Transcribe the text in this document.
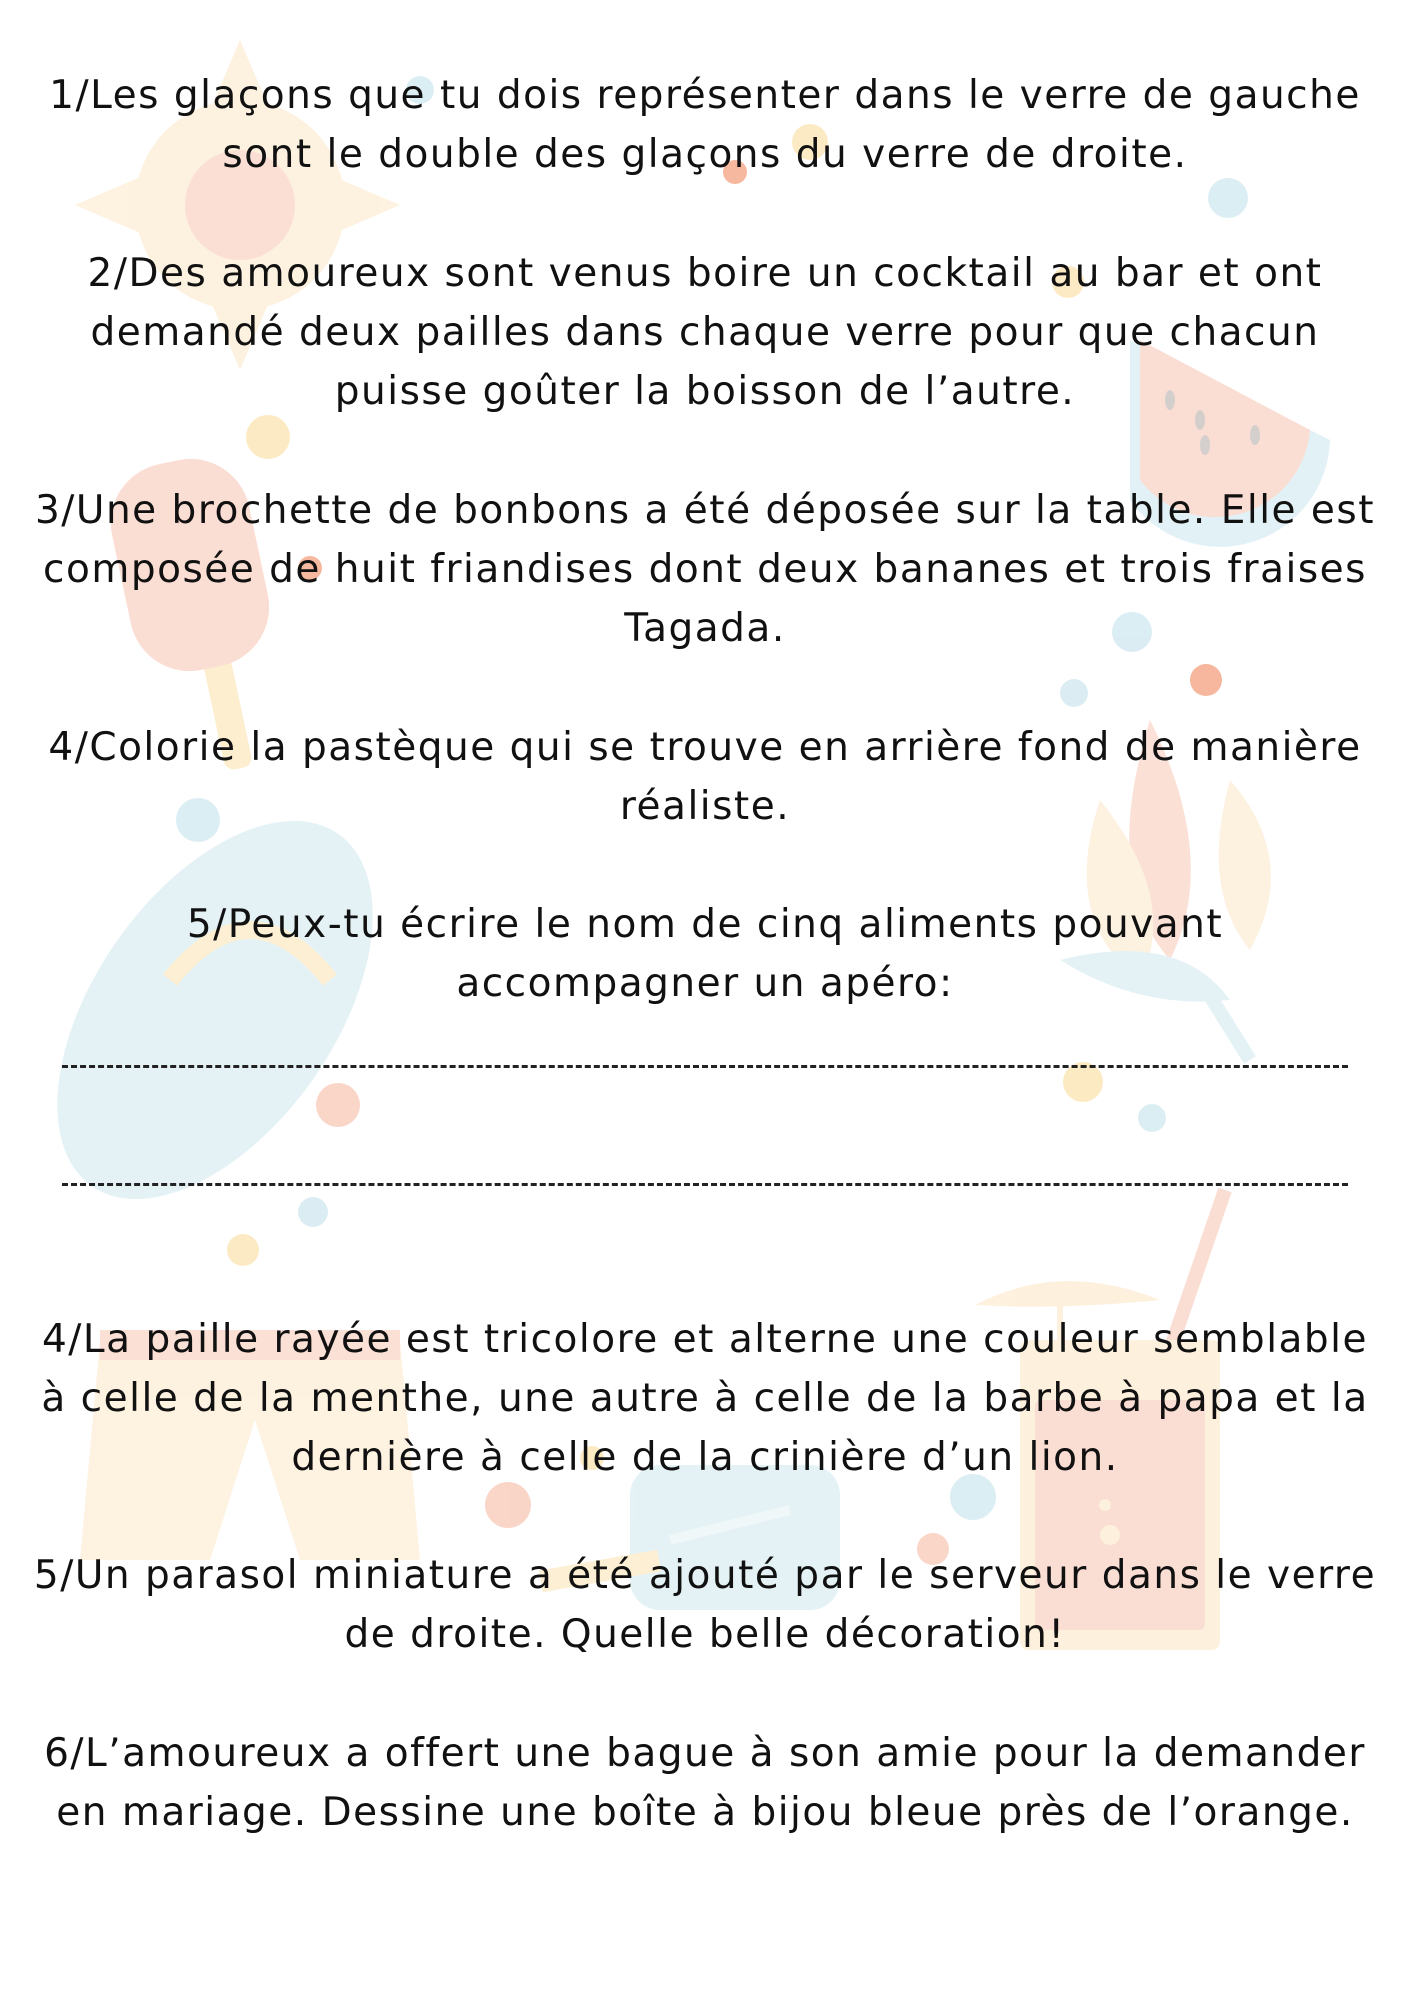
1/Les glaçons que tu dois représenter dans le verre de gauche sont le double des glaçons du verre de droite.

2/Des amoureux sont venus boire un cocktail au bar et ont demandé deux pailles dans chaque verre pour que chacun puisse goûter la boisson de l’autre.

3/Une brochette de bonbons a été déposée sur la table. Elle est composée de huit friandises dont deux bananes et trois fraises Tagada.

4/Colorie la pastèque qui se trouve en arrière fond de manière réaliste.

5/Peux-tu écrire le nom de cinq aliments pouvant accompagner un apéro:

4/La paille rayée est tricolore et alterne une couleur semblable à celle de la menthe, une autre à celle de la barbe à papa et la dernière à celle de la crinière d’un lion.

5/Un parasol miniature a été ajouté par le serveur dans le verre de droite. Quelle belle décoration!

6/L’amoureux a offert une bague à son amie pour la demander en mariage. Dessine une boîte à bijou bleue près de l’orange.
